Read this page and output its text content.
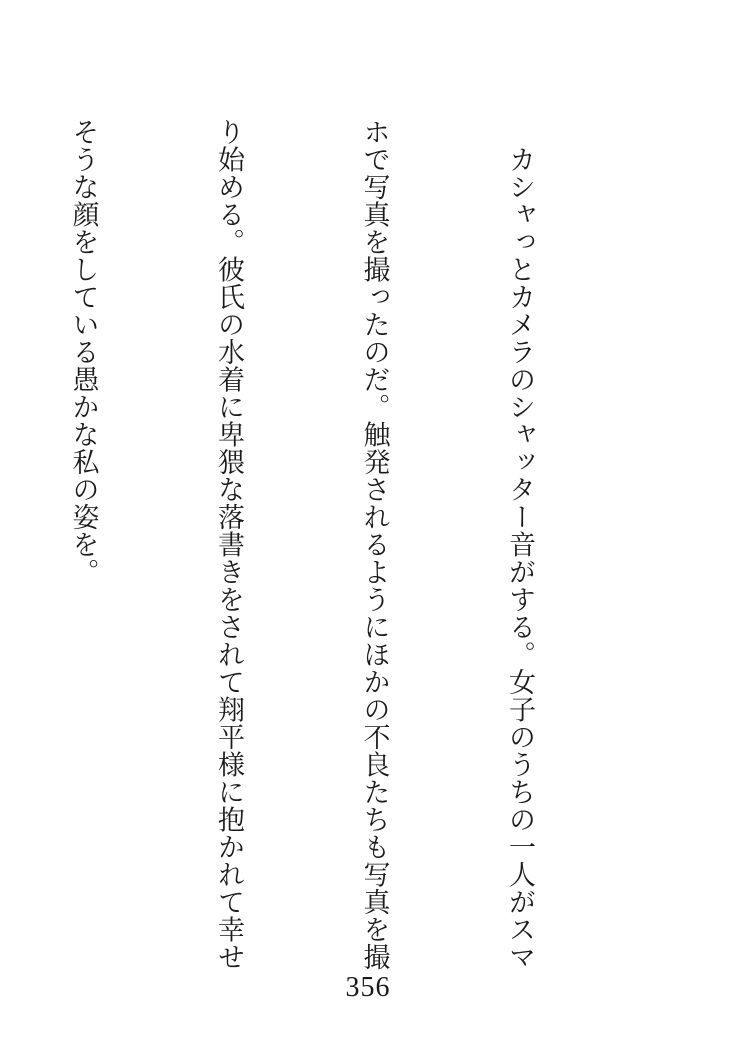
　カシャっとカメラのシャッター音がする。女子のうちの一人がスマ

ホで写真を撮ったのだ。触発されるようにほかの不良たちも写真を撮

り始める。彼氏の水着に卑猥な落書きをされて翔平様に抱かれて幸せ

そうな顔をしている愚かな私の姿を。

356
